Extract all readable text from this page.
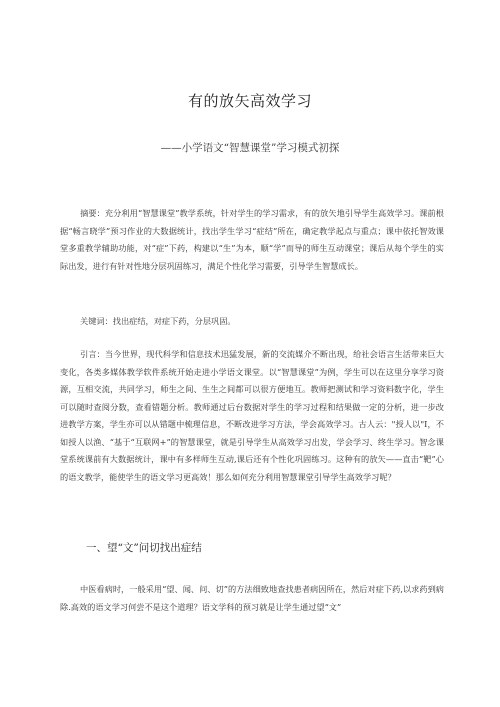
有的放矢高效学习
——小学语文“智慧课堂”学习模式初探

摘要：充分利用“智慧课堂”教学系统，针对学生的学习需求，有的放矢地引导学生高效学习。课前根据“畅言晓学”预习作业的大数据统计，找出学生学习“症结”所在，确定教学起点与重点；课中依托智效课堂多重教学辅助功能，对“症”下药，构建以“生”为本，顺“学”而导的师生互动课堂；课后从每个学生的实际出发，进行有针对性地分层巩固练习，满足个性化学习需要，引导学生智慧成长。

关键词：找出症结，对症下药，分层巩固。

引言：当今世界，现代科学和信息技术迅猛发展，新的交流媒介不断出现，给社会语言生活带来巨大变化，各类多媒体教学软件系统开始走进小学语文课堂。以“智慧课堂”为例，学生可以在这里分享学习资源，互相交流，共同学习，师生之间、生生之间都可以很方便地互。教师把测试和学习资料数字化，学生可以随时查阅分数，查看错题分析。教师通过后台数据对学生的学习过程和结果做一定的分析，进一步改进教学方案，学生亦可以从错题中梳理信息，不断改进学习方法，学会高效学习。古人云："授人以"I，不如授人以渔、“基于“互联网+”的智慧课堂，就是引导学生从高效学习出发，学会学习、终生学习。智念课堂系统课前有大数据统计，课中有多样师生互动,课后还有个性化巩固练习。这种有的放矢——直击“靶”心的语文教学，能使学生的语文学习更高效！那么如何充分利用智慧课堂引导学生高效学习呢？

一、望“文”问切找出症结

中医看病时，一般采用“望、闻、问、切”的方法细致地查找患者病因所在，然后对症下药,以求药到病除.高效的语文学习何尝不是这个道理？语文学科的预习就是让学生通过望“文”
